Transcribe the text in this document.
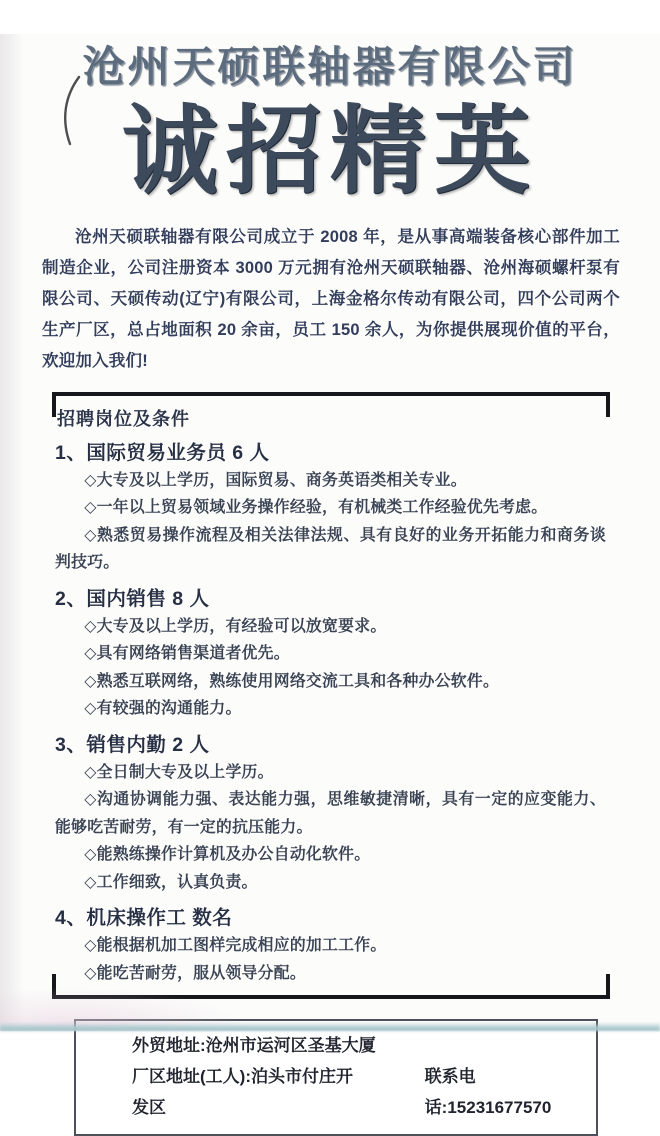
沧州天硕联轴器有限公司
诚招精英

沧州天硕联轴器有限公司成立于 2008 年，是从事高端装备核心部件加工制造企业，公司注册资本 3000 万元拥有沧州天硕联轴器、沧州海硕螺杆泵有限公司、天硕传动(辽宁)有限公司，上海金格尔传动有限公司，四个公司两个生产厂区，总占地面积 20 余亩，员工 150 余人，为你提供展现价值的平台，欢迎加入我们!

招聘岗位及条件
1、国际贸易业务员 6 人

◇大专及以上学历，国际贸易、商务英语类相关专业。

◇一年以上贸易领域业务操作经验，有机械类工作经验优先考虑。

◇熟悉贸易操作流程及相关法律法规、具有良好的业务开拓能力和商务谈判技巧。

2、国内销售 8 人

◇大专及以上学历，有经验可以放宽要求。

◇具有网络销售渠道者优先。

◇熟悉互联网络，熟练使用网络交流工具和各种办公软件。

◇有较强的沟通能力。

3、销售内勤 2 人

◇全日制大专及以上学历。

◇沟通协调能力强、表达能力强，思维敏捷清晰，具有一定的应变能力、能够吃苦耐劳，有一定的抗压能力。

◇能熟练操作计算机及办公自动化软件。

◇工作细致，认真负责。

4、机床操作工 数名

◇能根据机加工图样完成相应的加工工作。

◇能吃苦耐劳，服从领导分配。

外贸地址:沧州市运河区圣基大厦
厂区地址(工人):泊头市付庄开发区
联系电话:15231677570
